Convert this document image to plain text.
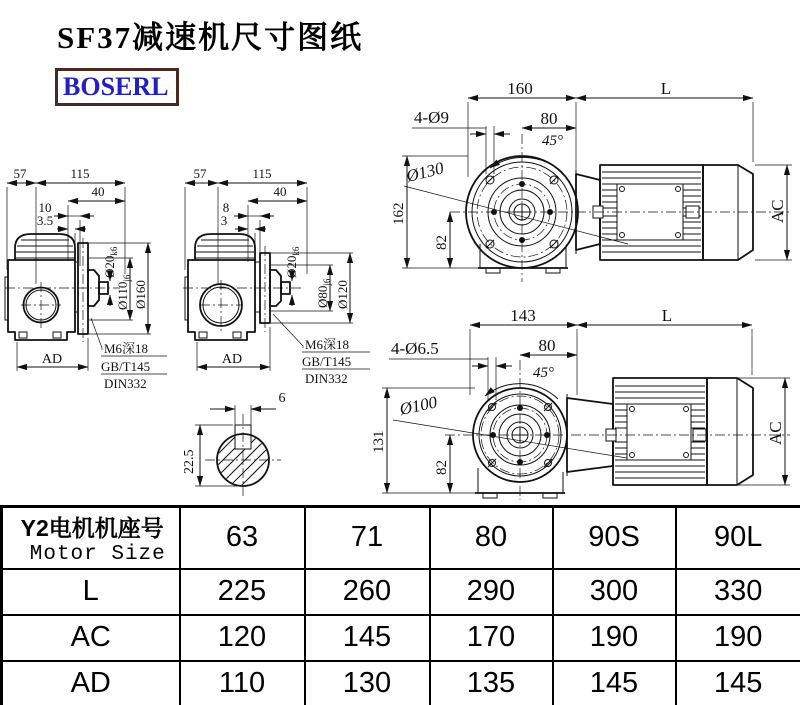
SF37减速机尺寸图纸
BOSERL
57	115
40
10
3.5
$Ø20_{k6}$
$Ø110_{j6}$
Ø160
AD
M6深18
GB/T145
DIN332
57	115
40
8
3
$Ø20_{k6}$
$Ø80_{j6}$ Ø120
AD
M6深18
GB/T145
DIN332
6
22.5
160	L
4-Ø9	80
45°
Ø130
162
82
AC
143	L
4-Ø6.5	80
45°
Ø100
131
82
AC
Y2电机机座号
Motor Size	63	71	80	90S	90L
L	225	260	290	300	330
AC	120	145	170	190	190
AD	110	130	135	145	145
